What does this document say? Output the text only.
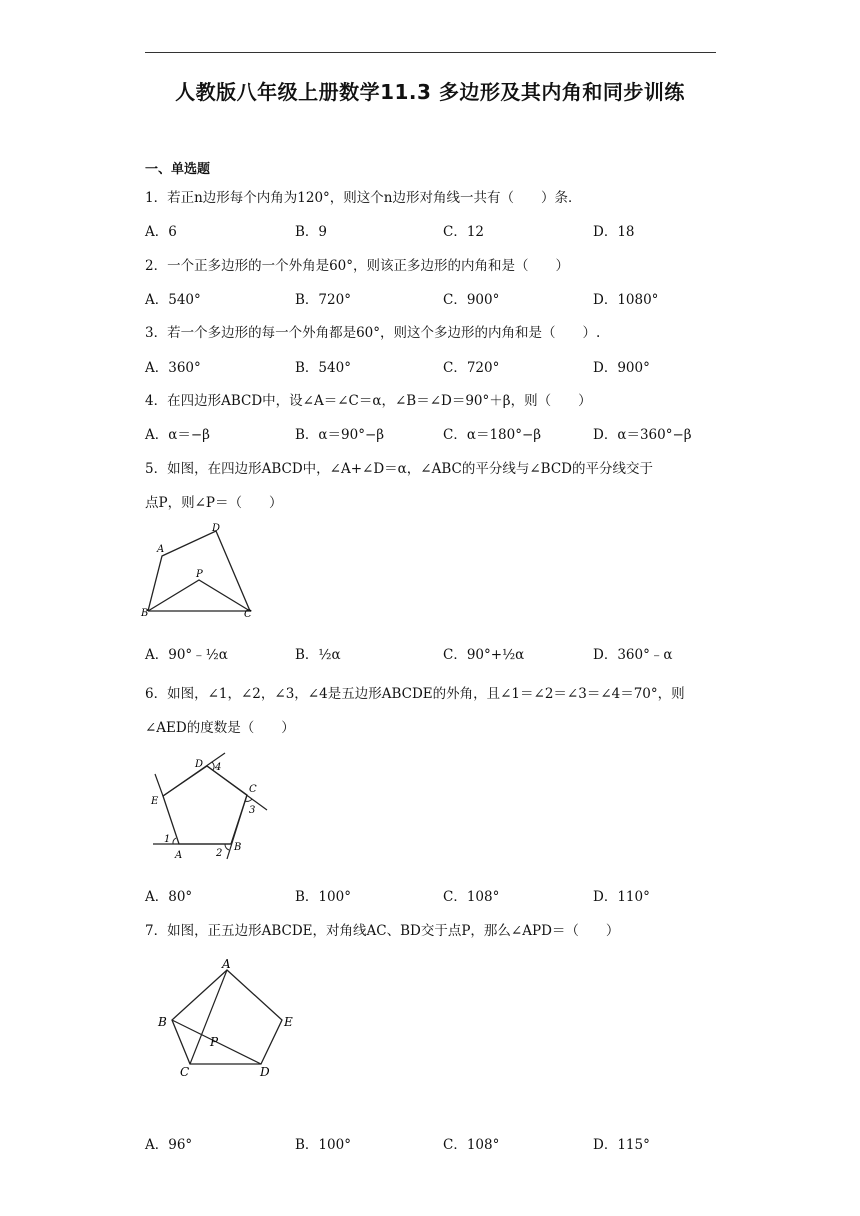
人教版八年级上册数学11.3 多边形及其内角和同步训练
一、单选题
1．若正n边形每个内角为120°，则这个n边形对角线一共有（　　）条．
A．6	B．9	C．12	D．18
2．一个正多边形的一个外角是60°，则该正多边形的内角和是（　　）
A．540°	B．720°	C．900°	D．1080°
3．若一个多边形的每一个外角都是60°，则这个多边形的内角和是（　　）.
A．360°	B．540°	C．720°	D．900°
4．在四边形ABCD中，设∠A＝∠C＝α，∠B＝∠D＝90°＋β，则（　　）
A．α＝−β	B．α＝90°−β	C．α＝180°−β	D．α＝360°−β
5．如图，在四边形ABCD中，∠A+∠D＝α，∠ABC的平分线与∠BCD的平分线交于
点P，则∠P＝（　　）
A
B	C
D
P
A．90°﹣½α	B．½α	C．90°+½α	D．360°﹣α
6．如图，∠1，∠2，∠3，∠4是五边形ABCDE的外角，且∠1＝∠2＝∠3＝∠4＝70°，则
∠AED的度数是（　　）
A
B
C
D
E
1
2
3
4
A．80°	B．100°	C．108°	D．110°
7．如图，正五边形ABCDE，对角线AC、BD交于点P，那么∠APD＝（　　）
A
B
C	D
E
P
A．96°	B．100°	C．108°	D．115°
